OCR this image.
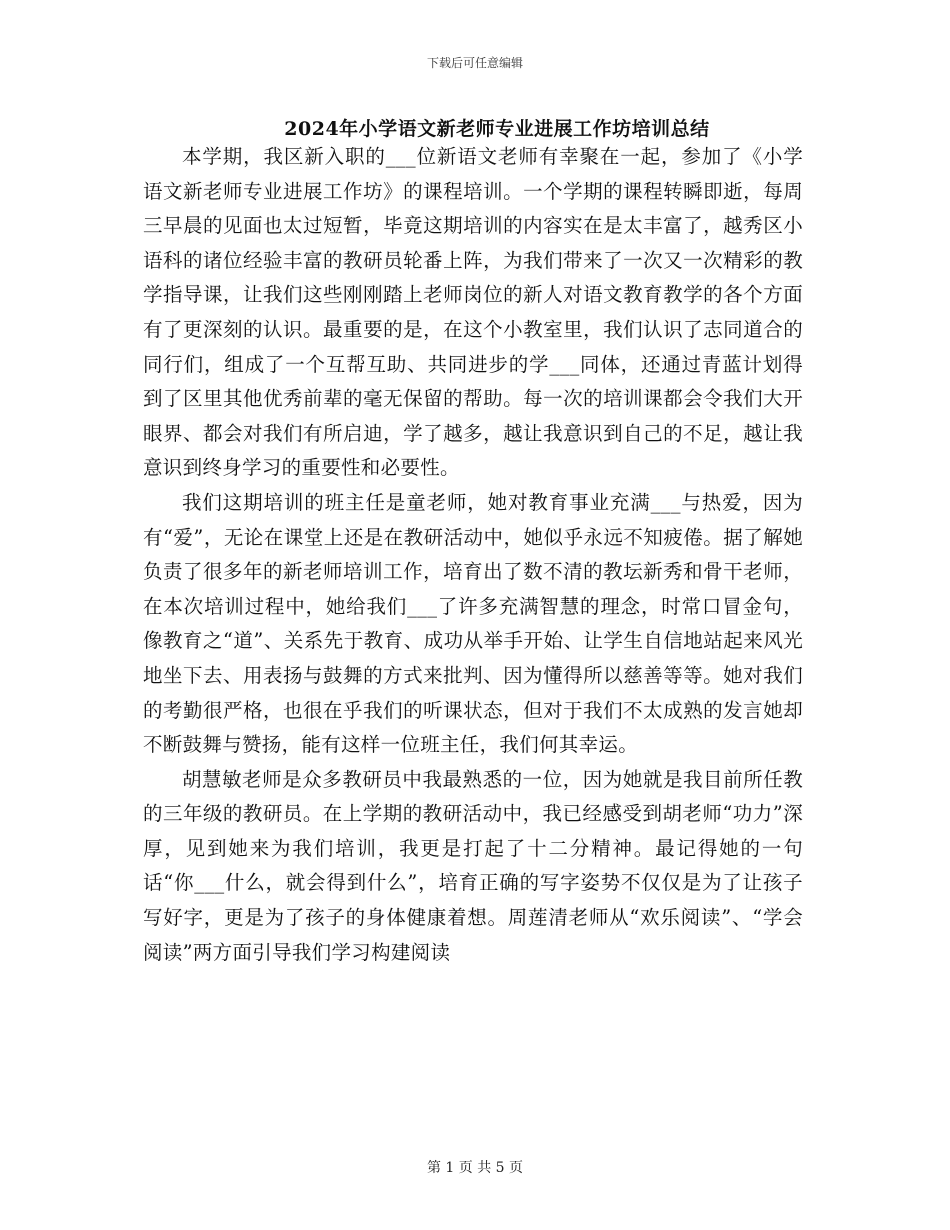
下载后可任意编辑
2024年小学语文新老师专业进展工作坊培训总结

本学期，我区新入职的___位新语文老师有幸聚在一起，参加了《小学语文新老师专业进展工作坊》的课程培训。一个学期的课程转瞬即逝，每周三早晨的见面也太过短暂，毕竟这期培训的内容实在是太丰富了，越秀区小语科的诸位经验丰富的教研员轮番上阵，为我们带来了一次又一次精彩的教学指导课，让我们这些刚刚踏上老师岗位的新人对语文教育教学的各个方面有了更深刻的认识。最重要的是，在这个小教室里，我们认识了志同道合的同行们，组成了一个互帮互助、共同进步的学___同体，还通过青蓝计划得到了区里其他优秀前辈的毫无保留的帮助。每一次的培训课都会令我们大开眼界、都会对我们有所启迪，学了越多，越让我意识到自己的不足，越让我意识到终身学习的重要性和必要性。

我们这期培训的班主任是童老师，她对教育事业充满___与热爱，因为有“爱”，无论在课堂上还是在教研活动中，她似乎永远不知疲倦。据了解她负责了很多年的新老师培训工作，培育出了数不清的教坛新秀和骨干老师，在本次培训过程中，她给我们___了许多充满智慧的理念，时常口冒金句，像教育之“道”、关系先于教育、成功从举手开始、让学生自信地站起来风光地坐下去、用表扬与鼓舞的方式来批判、因为懂得所以慈善等等。她对我们的考勤很严格，也很在乎我们的听课状态，但对于我们不太成熟的发言她却不断鼓舞与赞扬，能有这样一位班主任，我们何其幸运。

胡慧敏老师是众多教研员中我最熟悉的一位，因为她就是我目前所任教的三年级的教研员。在上学期的教研活动中，我已经感受到胡老师“功力”深厚，见到她来为我们培训，我更是打起了十二分精神。最记得她的一句话“你___什么，就会得到什么”，培育正确的写字姿势不仅仅是为了让孩子写好字，更是为了孩子的身体健康着想。周莲清老师从“欢乐阅读”、“学会阅读”两方面引导我们学习构建阅读

第 1 页 共 5 页
